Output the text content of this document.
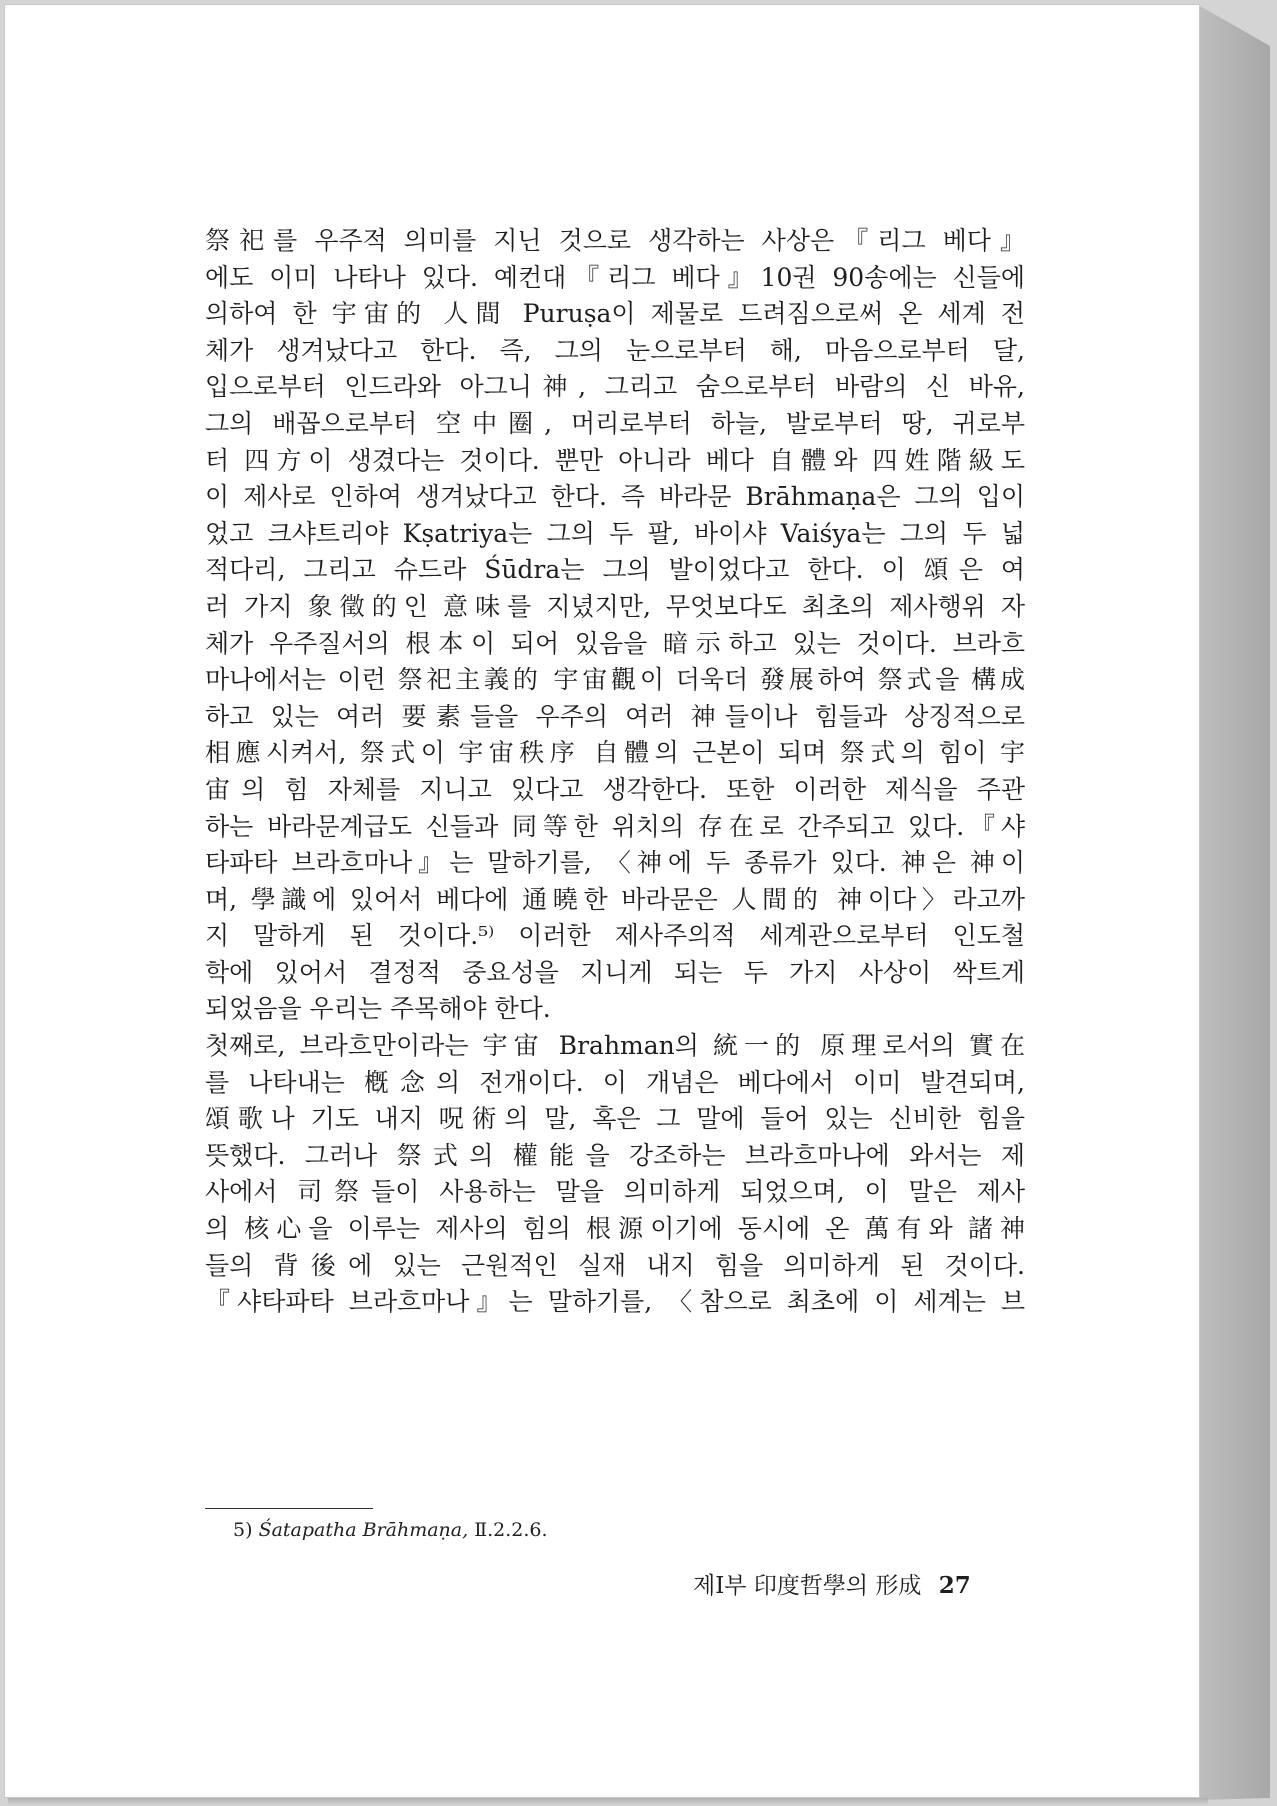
祭祀를 우주적 의미를 지닌 것으로 생각하는 사상은『리그 베다』
에도 이미 나타나 있다. 예컨대『리그 베다』10권 90송에는 신들에
의하여 한 宇宙的 人間 Puruṣa이 제물로 드려짐으로써 온 세계 전
체가 생겨났다고 한다. 즉, 그의 눈으로부터 해, 마음으로부터 달,
입으로부터 인드라와 아그니神, 그리고 숨으로부터 바람의 신 바유,
그의 배꼽으로부터 空中圈, 머리로부터 하늘, 발로부터 땅, 귀로부
터 四方이 생겼다는 것이다. 뿐만 아니라 베다 自體와 四姓階級도
이 제사로 인하여 생겨났다고 한다. 즉 바라문 Brāhmaṇa은 그의 입이
었고 크샤트리야 Kṣatriya는 그의 두 팔, 바이샤 Vaiśya는 그의 두 넓
적다리, 그리고 슈드라 Śūdra는 그의 발이었다고 한다. 이 頌은 여
러 가지 象徵的인 意味를 지녔지만, 무엇보다도 최초의 제사행위 자
체가 우주질서의 根本이 되어 있음을 暗示하고 있는 것이다. 브라흐
마나에서는 이런 祭祀主義的 宇宙觀이 더욱더 發展하여 祭式을 構成
하고 있는 여러 要素들을 우주의 여러 神들이나 힘들과 상징적으로
相應시켜서, 祭式이 宇宙秩序 自體의 근본이 되며 祭式의 힘이 宇
宙의 힘 자체를 지니고 있다고 생각한다. 또한 이러한 제식을 주관
하는 바라문계급도 신들과 同等한 위치의 存在로 간주되고 있다.『샤
타파타 브라흐마나』는 말하기를, 〈神에 두 종류가 있다. 神은 神이
며, 學識에 있어서 베다에 通曉한 바라문은 人間的 神이다〉라고까
지 말하게 된 것이다.⁵⁾ 이러한 제사주의적 세계관으로부터 인도철
학에 있어서 결정적 중요성을 지니게 되는 두 가지 사상이 싹트게
되었음을 우리는 주목해야 한다.
첫째로, 브라흐만이라는 宇宙 Brahman의 統一的 原理로서의 實在
를 나타내는 槪念의 전개이다. 이 개념은 베다에서 이미 발견되며,
頌歌나 기도 내지 呪術의 말, 혹은 그 말에 들어 있는 신비한 힘을
뜻했다. 그러나 祭式의 權能을 강조하는 브라흐마나에 와서는 제
사에서 司祭들이 사용하는 말을 의미하게 되었으며, 이 말은 제사
의 核心을 이루는 제사의 힘의 根源이기에 동시에 온 萬有와 諸神
들의 背後에 있는 근원적인 실재 내지 힘을 의미하게 된 것이다.
『샤타파타 브라흐마나』는 말하기를, 〈참으로 최초에 이 세계는 브
5) Śatapatha Brāhmaṇa, Ⅱ.2.2.6.
제Ⅰ부 印度哲學의 形成 27
